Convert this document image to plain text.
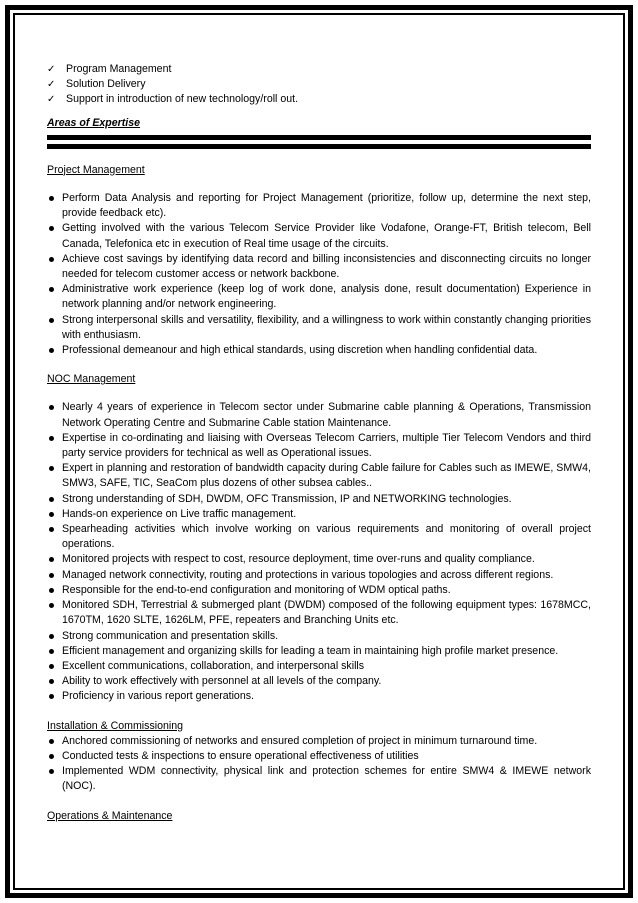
✓	Program Management
✓	Solution Delivery
✓	Support in introduction of new technology/roll out.
Areas of Expertise
Project Management
Perform Data Analysis and reporting for Project Management (prioritize, follow up, determine the next step, provide feedback etc).
Getting involved with the various Telecom Service Provider like Vodafone, Orange-FT, British telecom, Bell Canada, Telefonica etc in execution of Real time usage of the circuits.
Achieve cost savings by identifying data record and billing inconsistencies and disconnecting circuits no longer needed for telecom customer access or network backbone.
Administrative work experience (keep log of work done, analysis done, result documentation) Experience in network planning and/or network engineering.
Strong interpersonal skills and versatility, flexibility, and a willingness to work within constantly changing priorities with enthusiasm.
Professional demeanour and high ethical standards, using discretion when handling confidential data.
NOC Management
Nearly 4 years of experience in Telecom sector under Submarine cable planning & Operations, Transmission Network Operating Centre and Submarine Cable station Maintenance.
Expertise in co-ordinating and liaising with Overseas Telecom Carriers, multiple Tier Telecom Vendors and third party service providers for technical as well as Operational issues.
Expert in planning and restoration of bandwidth capacity during Cable failure for Cables such as IMEWE, SMW4, SMW3, SAFE, TIC, SeaCom plus dozens of other subsea cables..
Strong understanding of SDH, DWDM, OFC Transmission, IP and NETWORKING technologies.
Hands-on experience on Live traffic management.
Spearheading activities which involve working on various requirements and monitoring of overall project operations.
Monitored projects with respect to cost, resource deployment, time over-runs and quality compliance.
Managed network connectivity, routing and protections in various topologies and across different regions.
Responsible for the end-to-end configuration and monitoring of WDM optical paths.
Monitored SDH, Terrestrial & submerged plant (DWDM) composed of the following equipment types: 1678MCC, 1670TM, 1620 SLTE, 1626LM, PFE, repeaters and Branching Units etc.
Strong communication and presentation skills.
Efficient management and organizing skills for leading a team in maintaining high profile market presence.
Excellent communications, collaboration, and interpersonal skills
Ability to work effectively with personnel at all levels of the company.
Proficiency in various report generations.
Installation & Commissioning
Anchored commissioning of networks and ensured completion of project in minimum turnaround time.
Conducted tests & inspections to ensure operational effectiveness of utilities
Implemented WDM connectivity, physical link and protection schemes for entire SMW4 & IMEWE network (NOC).
Operations & Maintenance
